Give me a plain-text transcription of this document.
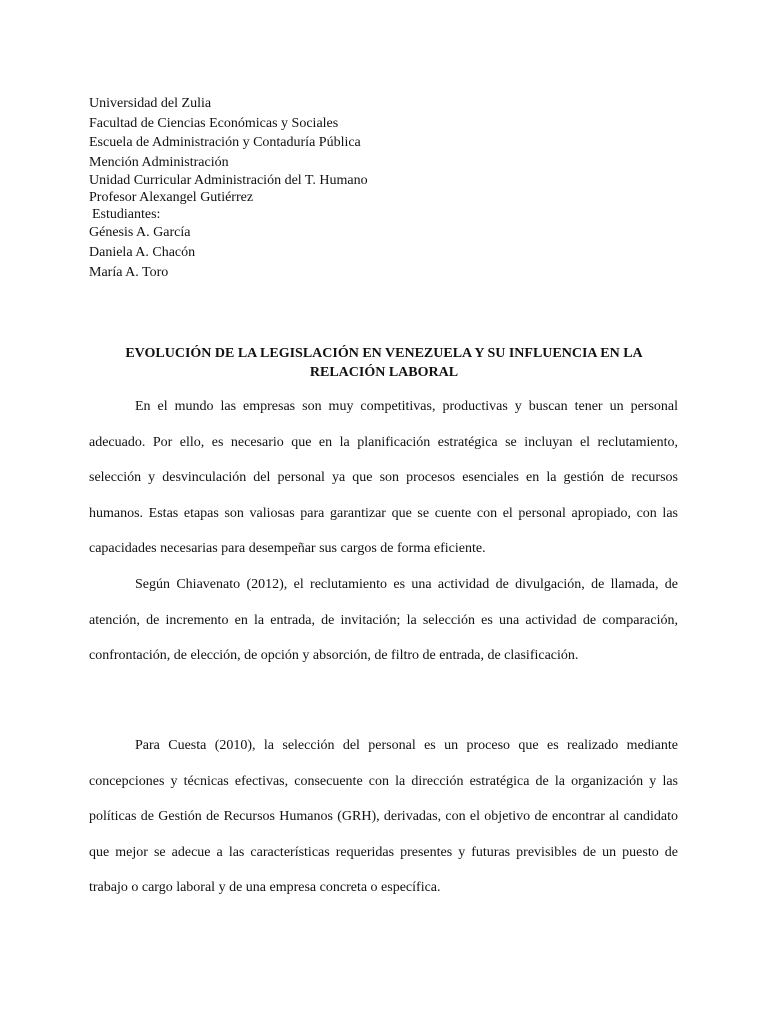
Universidad del Zulia
Facultad de Ciencias Económicas y Sociales
Escuela de Administración y Contaduría Pública
Mención Administración
Unidad Curricular Administración del T. Humano
Profesor Alexangel Gutiérrez
Estudiantes:
Génesis A. García
Daniela A. Chacón
María A. Toro
EVOLUCIÓN DE LA LEGISLACIÓN EN VENEZUELA Y SU INFLUENCIA EN LA RELACIÓN LABORAL

En el mundo las empresas son muy competitivas, productivas y buscan tener un personal adecuado. Por ello, es necesario que en la planificación estratégica se incluyan el reclutamiento, selección y desvinculación del personal ya que son procesos esenciales en la gestión de recursos humanos. Estas etapas son valiosas para garantizar que se cuente con el personal apropiado, con las capacidades necesarias para desempeñar sus cargos de forma eficiente.

Según Chiavenato (2012), el reclutamiento es una actividad de divulgación, de llamada, de atención, de incremento en la entrada, de invitación; la selección es una actividad de comparación, confrontación, de elección, de opción y absorción, de filtro de entrada, de clasificación.

Para Cuesta (2010), la selección del personal es un proceso que es realizado mediante concepciones y técnicas efectivas, consecuente con la dirección estratégica de la organización y las políticas de Gestión de Recursos Humanos (GRH), derivadas, con el objetivo de encontrar al candidato que mejor se adecue a las características requeridas presentes y futuras previsibles de un puesto de trabajo o cargo laboral y de una empresa concreta o específica.
